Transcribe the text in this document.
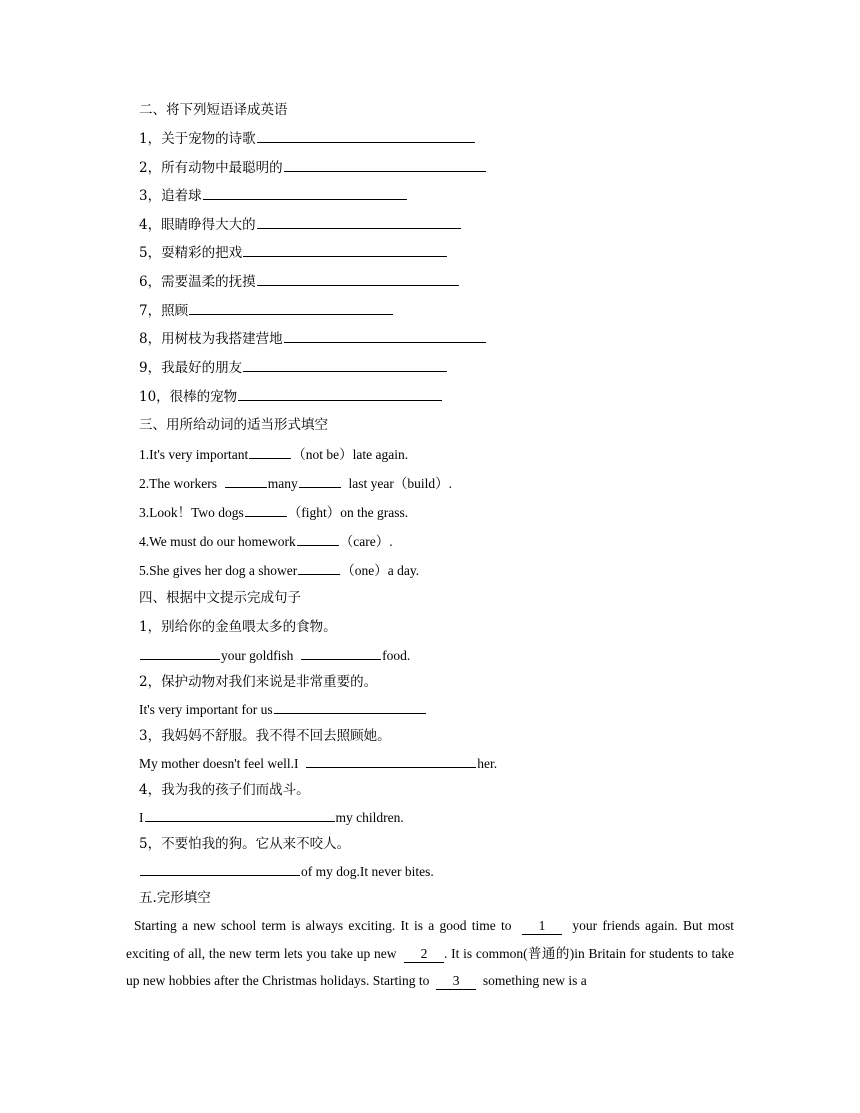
二、将下列短语译成英语
1，关于宠物的诗歌
2，所有动物中最聪明的
3，追着球
4，眼睛睁得大大的
5，耍精彩的把戏
6，需要温柔的抚摸
7，照顾
8，用树枝为我搭建营地
9，我最好的朋友
10，很棒的宠物
三、用所给动词的适当形式填空
1.It's very important	（not be）late again.
2.The workers	many	last year（build）.
3.Look！Two dogs	（fight）on the grass.
4.We must do our homework	（care）.
5.She gives her dog a shower	（one）a day.
四、根据中文提示完成句子
1，别给你的金鱼喂太多的食物。
your goldfish	food.
2，保护动物对我们来说是非常重要的。
It's very important for us
3，我妈妈不舒服。我不得不回去照顾她。
My mother doesn't feel well.I	her.
4，我为我的孩子们而战斗。
I	my children.
5，不要怕我的狗。它从来不咬人。
of my dog.It never bites.
五.完形填空
Starting a new school term is always exciting. It is a good time to 1 your friends again. But most exciting of all, the new term lets you take up new 2 . It is common(普通的)in Britain for students to take up new hobbies after the Christmas holidays. Starting to 3 something new is a
